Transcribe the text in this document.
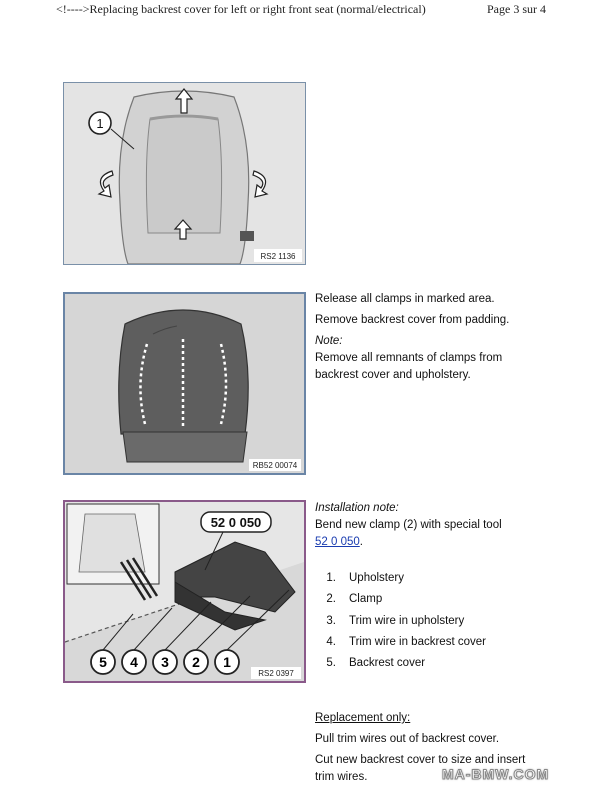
<!---->Replacing backrest cover for left or right front seat (normal/electrical)	Page 3 sur 4
1
RS2 1136
RB52 00074
52 0 050
5 4 3 2 1
RS2 0397

Release all clamps in marked area.

Remove backrest cover from padding.

Note:

Remove all remnants of clamps from

backrest cover and upholstery.

Installation note:

Bend new clamp (2) with special tool

52 0 050.

1. Upholstery
2. Clamp
3. Trim wire in upholstery
4. Trim wire in backrest cover
5. Backrest cover

Replacement only:

Pull trim wires out of backrest cover.

Cut new backrest cover to size and insert

trim wires.	MA-BMW.COM
